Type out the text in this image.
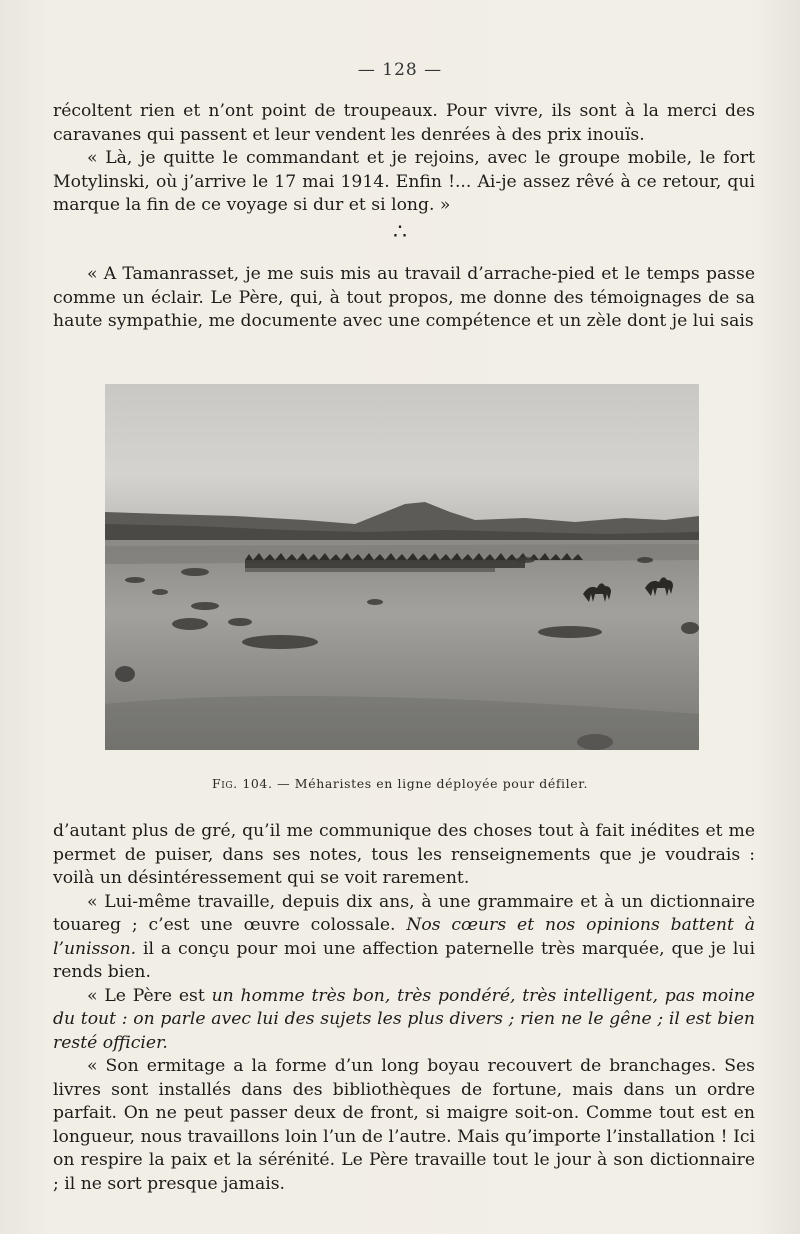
— 128 —

récoltent rien et n’ont point de troupeaux. Pour vivre, ils sont à la merci des caravanes qui passent et leur vendent les denrées à des prix inouïs.

« Là, je quitte le commandant et je rejoins, avec le groupe mobile, le fort Motylinski, où j’arrive le 17 mai 1914. Enfin !... Ai-je assez rêvé à ce retour, qui marque la fin de ce voyage si dur et si long. »

∴

« A Tamanrasset, je me suis mis au travail d’arrache-pied et le temps passe comme un éclair. Le Père, qui, à tout propos, me donne des témoignages de sa haute sympathie, me documente avec une compétence et un zèle dont je lui sais

Fig. 104. — Méharistes en ligne déployée pour défiler.

d’autant plus de gré, qu’il me communique des choses tout à fait inédites et me permet de puiser, dans ses notes, tous les renseignements que je voudrais : voilà un désintéressement qui se voit rarement.

« Lui-même travaille, depuis dix ans, à une grammaire et à un dictionnaire touareg ; c’est une œuvre colossale. Nos cœurs et nos opinions battent à l’unisson. il a conçu pour moi une affection paternelle très marquée, que je lui rends bien.

« Le Père est un homme très bon, très pondéré, très intelligent, pas moine du tout : on parle avec lui des sujets les plus divers ; rien ne le gêne ; il est bien resté officier.

« Son ermitage a la forme d’un long boyau recouvert de branchages. Ses livres sont installés dans des bibliothèques de fortune, mais dans un ordre parfait. On ne peut passer deux de front, si maigre soit-on. Comme tout est en longueur, nous travaillons loin l’un de l’autre. Mais qu’importe l’installation ! Ici on respire la paix et la sérénité. Le Père travaille tout le jour à son dictionnaire ; il ne sort presque jamais.
